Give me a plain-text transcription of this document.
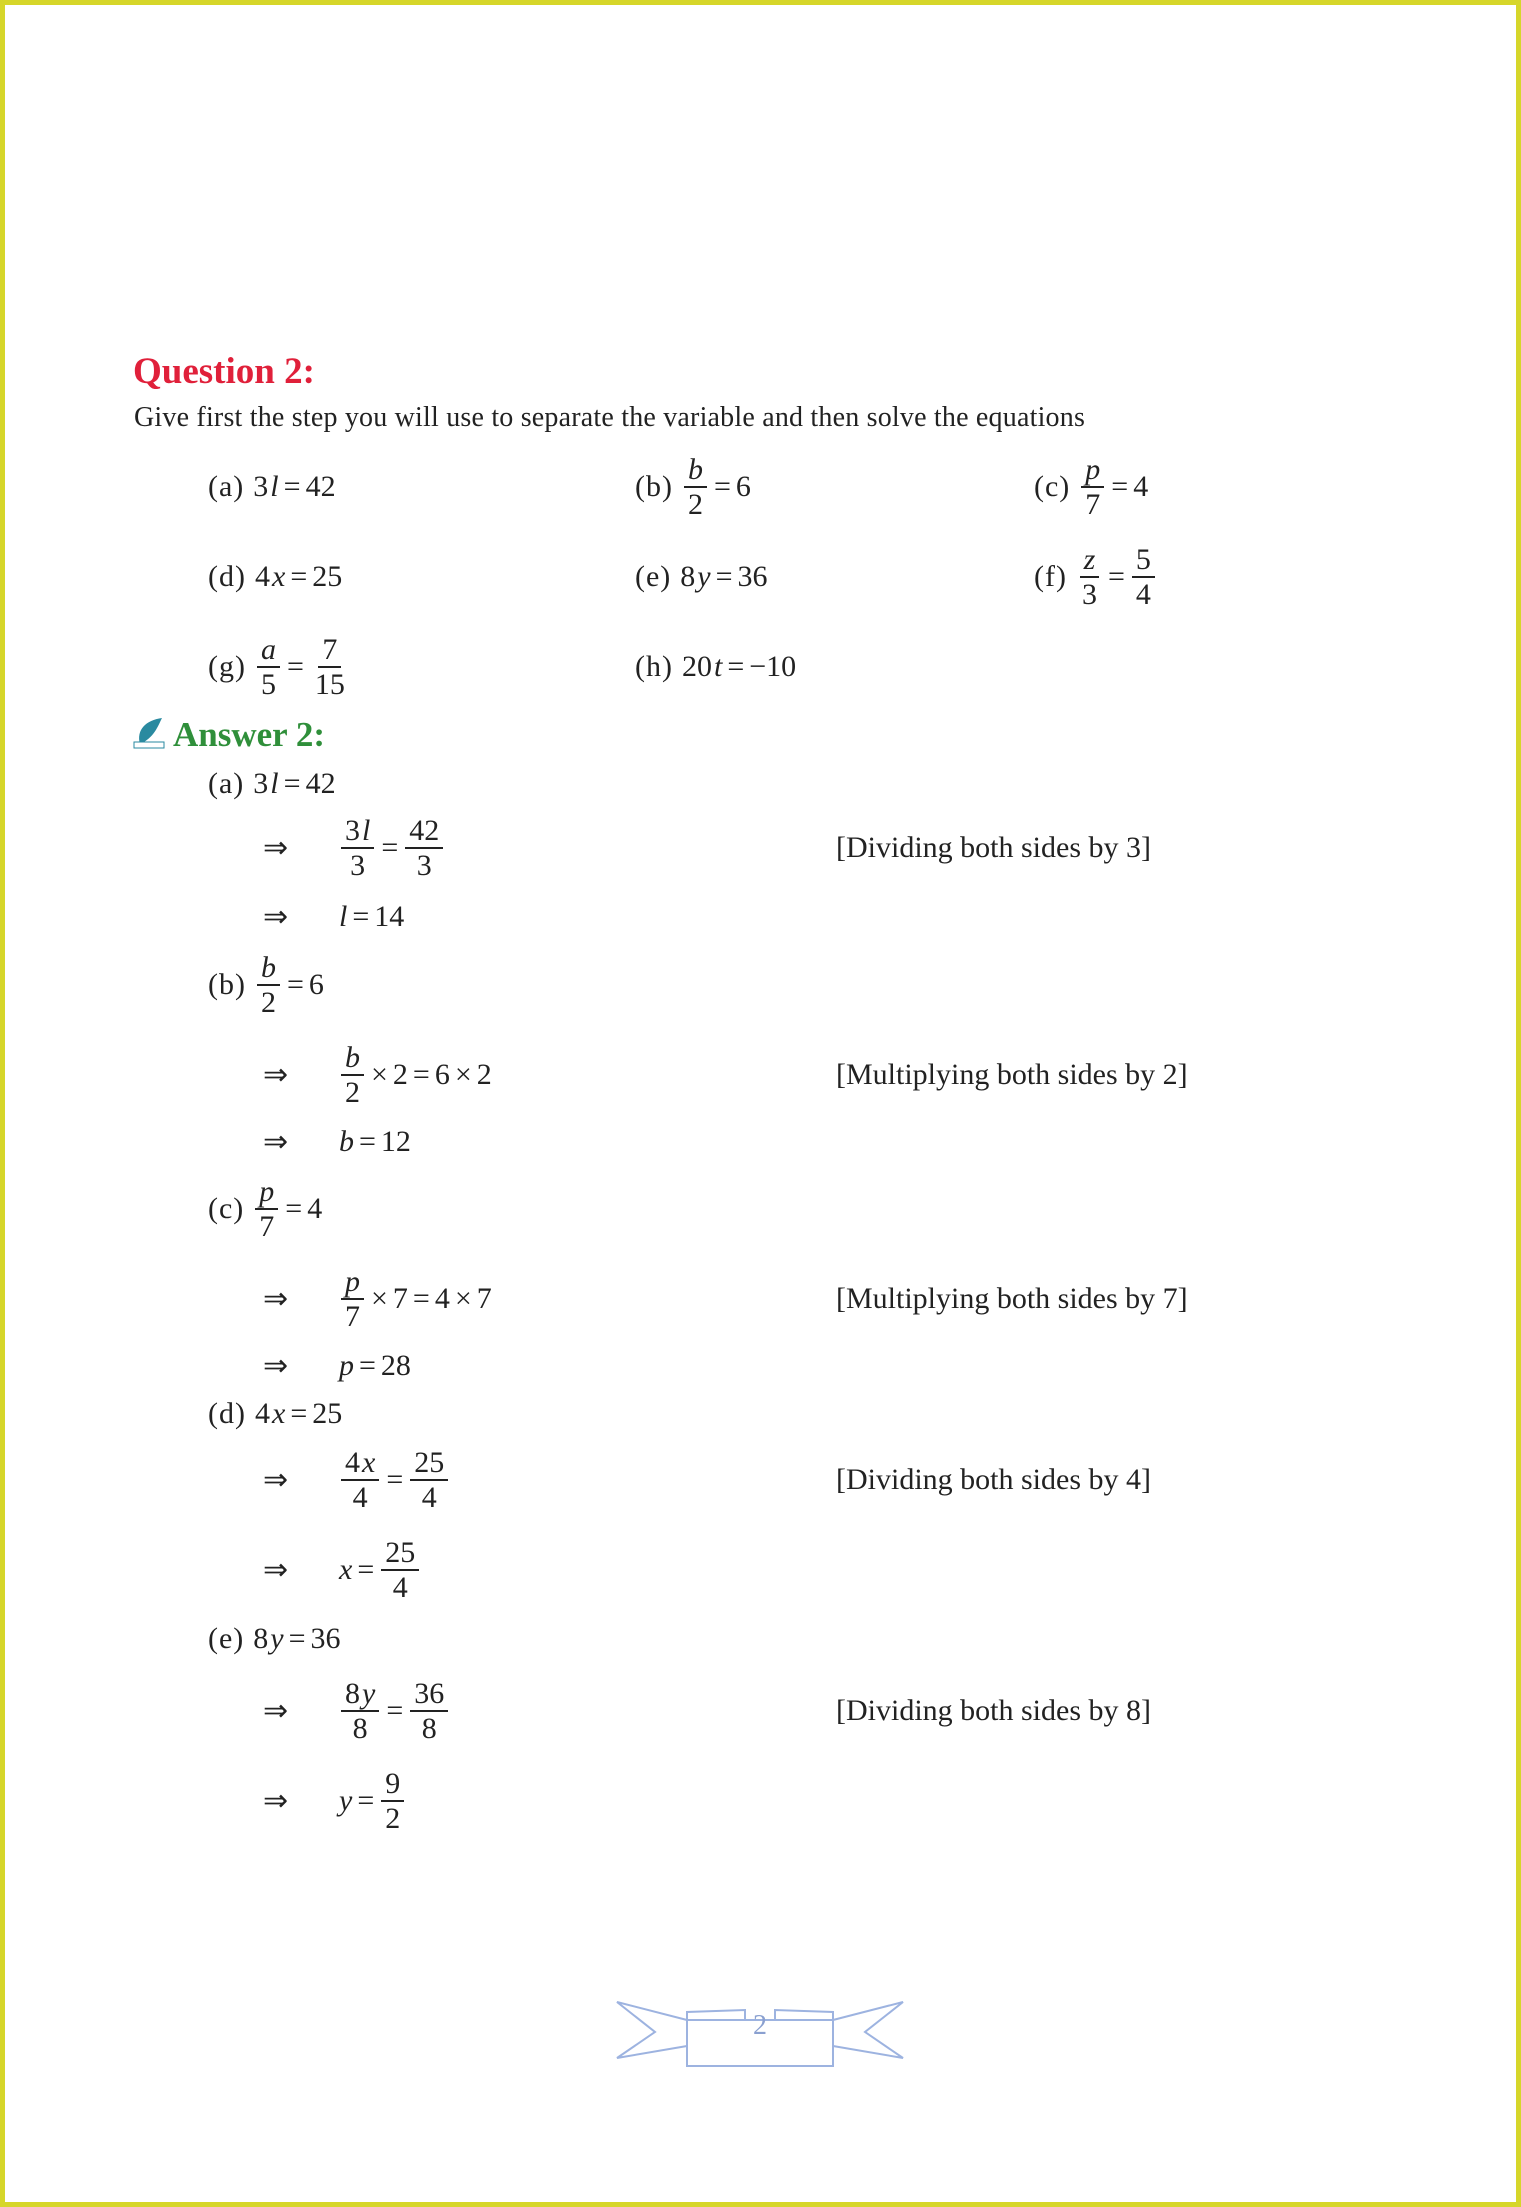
Question 2:
Give first the step you will use to separate the variable and then solve the equations
(a) 3 l = 42	$(b) \frac{b}{2} = 6$	$(c) \frac{p}{7} = 4$
(d) 4 x = 25	(e) 8 y = 36	$(f) \frac{z}{3} = \frac{5}{4}$
$(g) \frac{a}{5} = \frac{7}{15}$	(h) 20 t = −10
Answer 2:
(a) 3 l = 42
⇒ $\frac{3l}{3} = \frac{42}{3}$	[Dividing both sides by 3]
⇒ l = 14
$(b) \frac{b}{2} = 6$
⇒ $\frac{b}{2} \times 2 = 6 \times 2$	[Multiplying both sides by 2]
⇒ b = 12
$(c) \frac{p}{7} = 4$
⇒ $\frac{p}{7} \times 7 = 4 \times 7$	[Multiplying both sides by 7]
⇒ p = 28
(d) 4 x = 25
⇒ $\frac{4x}{4} = \frac{25}{4}$	[Dividing both sides by 4]
⇒ $x = \frac{25}{4}$
(e) 8 y = 36
⇒ $\frac{8y}{8} = \frac{36}{8}$	[Dividing both sides by 8]
⇒ $y = \frac{9}{2}$
2
